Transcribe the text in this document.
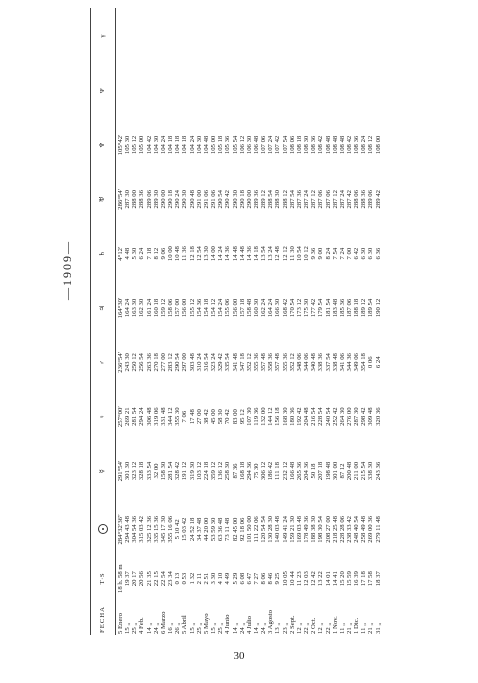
—1909—
FECHA	T·S		☿	♀	♂	♃	♄	♅	♆	Ψ	γ
5 Enero	18 h. 58 m	284°32′36″	291°54′	257°00′	236°54′	164°30′	4°12′	286°54′	105°42′		
15 „	19 37	294 43 48	301 30	269 21	243 30	164 24	4 48	287 30	105 30		
25 „	20 17	304 54 36	323 12	281 54	250 12	163 30	5 30	288 00	105 12		
4 Feb.	20 56	315 03 42	328 18	294 24	256 54	162 30	6 24	288 36	105 00		
14 „	21 35	325 12 36	333 54	306 48	263 36	161 24	7 18	289 06	104 42		
24 „	22 15	335 15 36	32 00	319 06	270 18	160 18	8 12	289 30	104 30		
6 Marzo	22 54	345 17 30	158 30	331 48	277 00	159 12	9 06	290 00	104 24		
16 „	23 34	355 16 06	281 54	344 12	283 12	158 06	10 00	290 18	104 18		
26 „	0 13	5 10 42	328 42	355 30	290 54	157 00	10 48	290 24	104 18		
5 Abril	0 53	15 03 42	191 12	7 06	297 00	156 00	11 36	290 30	104 18		
15 „	1 32	24 52 18	319 30	17 48	303 48	155 12	12 18	290 48	104 24		
25 „	2 11	34 37 48	103 12	27 00	310 24	154 36	12 54	291 00	104 30		
5 Mayo	2 51	44 20 00	224 18	38 42	316 54	154 18	13 30	291 06	104 48		
15 „	3 30	53 59 30	359 12	45 00	323 24	154 12	14 00	291 06	105 00		
25 „	4 10	63 36 48	136 12	58 30	329 42	154 24	14 24	290 54	105 18		
4 Junio	4 49	73 11 48	258 30	70 42	335 54	155 06	14 36	290 42	105 36		
14 „	5 29	82 45 00	87 36	83 00	341 48	156 00	14 48	290 30	105 54		
24 „	6 08	92 18 06	168 18	95 12	347 18	157 18	14 48	290 18	106 12		
4 Julio	6 47	101 50 00	294 36	107 30	352 12	158 48	14 36	290 00	106 30		
14 „	7 27	111 22 06	75 30	119 36	355 36	160 30	14 18	289 36	106 48		
24 „	8 06	120 54 54	306 12	132 00	357 48	162 24	13 54	289 12	107 06		
3 Agosto	8 46	130 28 30	186 42	144 12	358 36	164 24	13 24	288 54	107 24		
13 „	9 25	140 03 48	111 18	156 18	357 48	166 30	12 48	288 30	107 42		
23 „	10 05	149 41 24	232 12	168 30	355 36	168 42	12 12	288 12	107 54		
2 Sept.	10 44	159 21 30	166 48	180 36	352 12	170 54	11 30	287 54	108 06		
12 „	11 23	169 03 48	265 36	192 42	348 06	173 12	10 54	287 36	108 18		
22 „	12 03	178 49 36	204 36	204 48	344 06	175 30	10 12	287 24	108 30		
2 Oct.	12 42	188 38 30	50 18	216 54	340 48	177 42	9 36	287 12	108 36		
12 „	13 22	198 30 54	207 18	228 54	338 36	179 54	9 00	287 06	108 42		
22 „	14 01	208 27 00	198 48	240 54	337 54	181 54	8 24	287 06	108 48		
1 Nov.	14 41	218 25 48	301 00	252 42	338 48	183 48	7 54	287 12	108 48		
11 „	15 20	228 28 06	87 12	264 30	341 06	185 36	7 24	287 24	108 48		
21 „	15 59	238 33 42	200 48	276 00	344 36	187 06	7 00	287 42	108 42		
1 Dic.	16 39	248 40 54	211 00	287 30	349 06	188 18	6 42	288 06	108 36		
11 „	17 18	258 49 48	215 54	298 42	354 18	189 12	6 30	288 36	108 24		
21 „	17 58	269 00 36	338 30	309 48	0 06	189 54	6 30	289 06	108 12		
31 „	18 37	279 11 48	243 36	320 36	6 24	190 12	6 36	289 42	108 00		
30
